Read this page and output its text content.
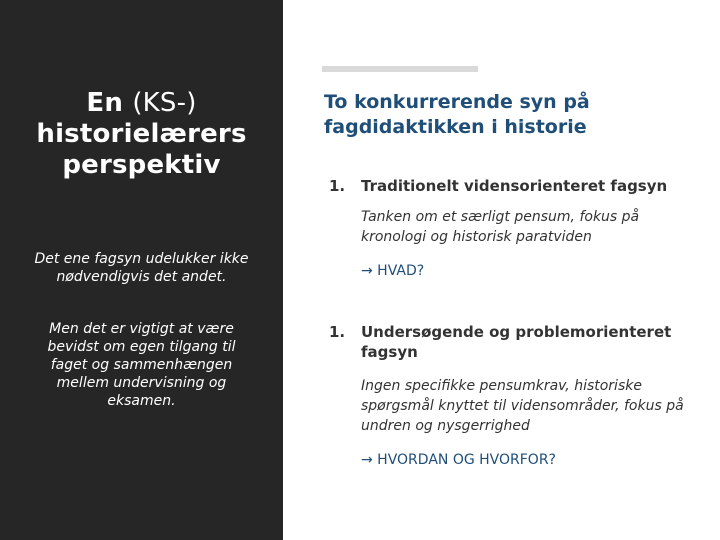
En (KS-) historielærers perspektiv
Det ene fagsyn udelukker ikke nødvendigvis det andet.
Men det er vigtigt at være bevidst om egen tilgang til faget og sammenhængen mellem undervisning og eksamen.
To konkurrerende syn på fagdidaktikken i historie
1. Traditionelt vidensorienteret fagsyn
Tanken om et særligt pensum, fokus på kronologi og historisk paratviden
→ HVAD?
1. Undersøgende og problemorienteret fagsyn
Ingen specifikke pensumkrav, historiske spørgsmål knyttet til vidensområder, fokus på undren og nysgerrighed
→ HVORDAN OG HVORFOR?
